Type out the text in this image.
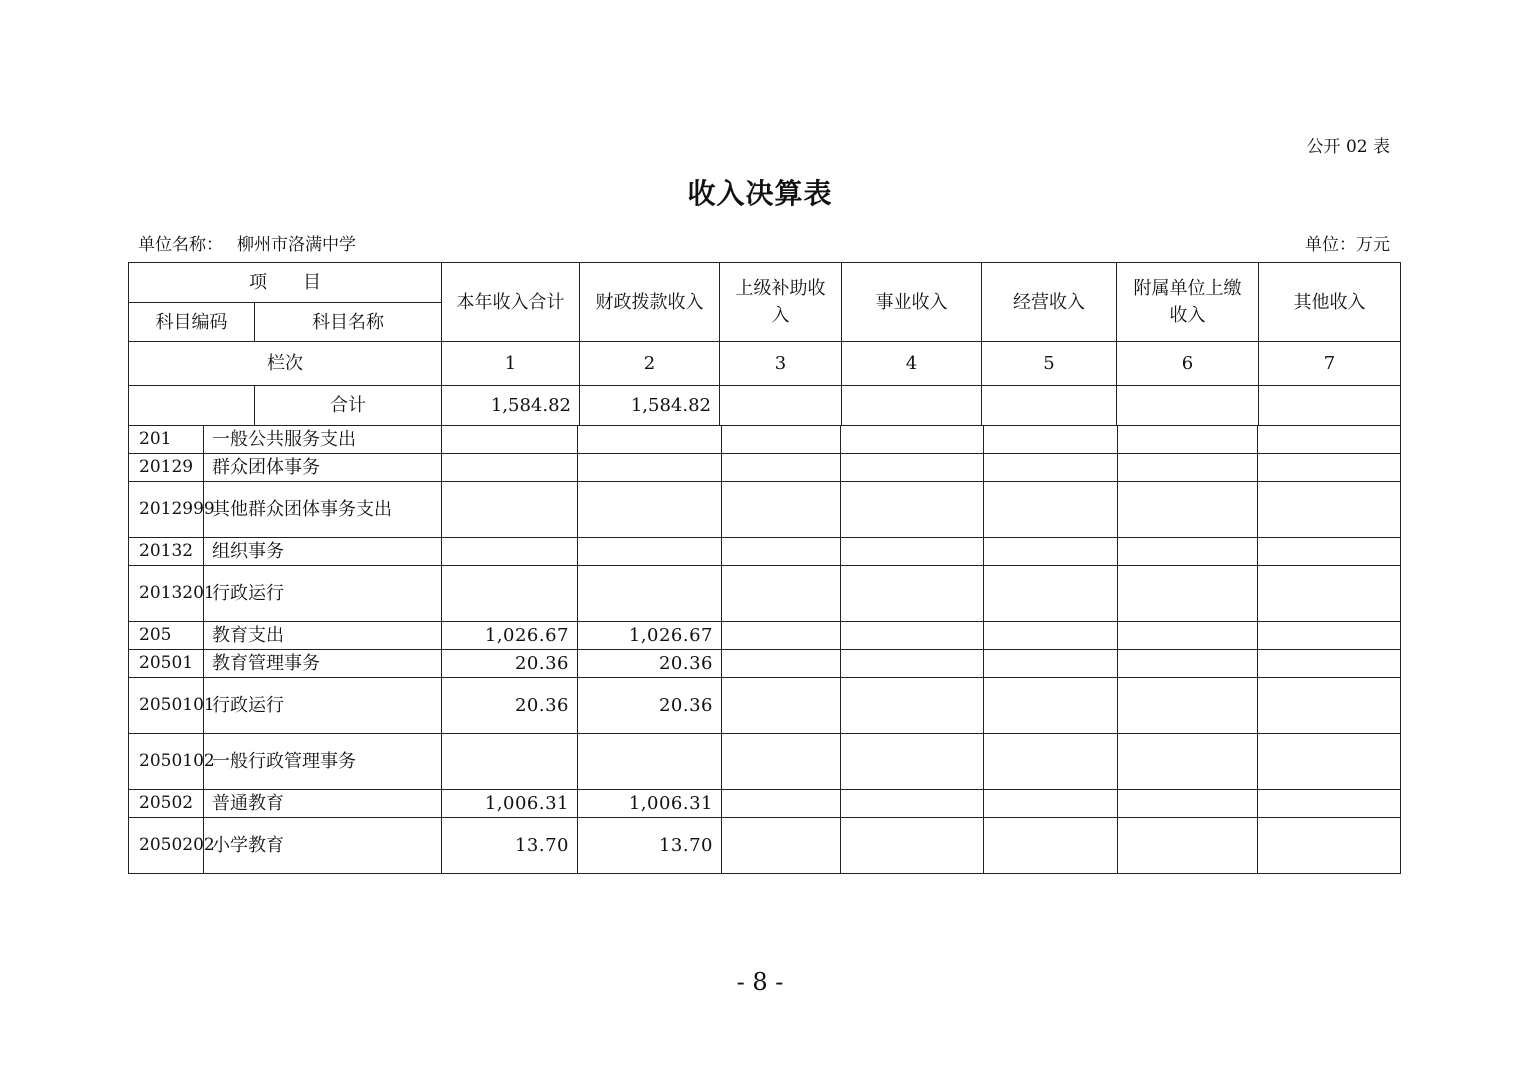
公开 02 表
收入决算表
单位名称： 柳州市洛满中学	单位：万元
项　　目		本年收入合计	财政拨款收入	上级补助收入	事业收入	经营收入	附属单位上缴收入	其他收入
科目编码	科目名称							
栏次		1	2	3	4	5	6	7
	合计	1,584.82	1,584.82					
201	一般公共服务支出							
20129	群众团体事务							
2012999	其他群众团体事务支出							
20132	组织事务							
2013201	行政运行							
205	教育支出	1,026.67	1,026.67					
20501	教育管理事务	20.36	20.36					
2050101	行政运行	20.36	20.36					
2050102	一般行政管理事务							
20502	普通教育	1,006.31	1,006.31					
2050202	小学教育	13.70	13.70					
- 8 -
